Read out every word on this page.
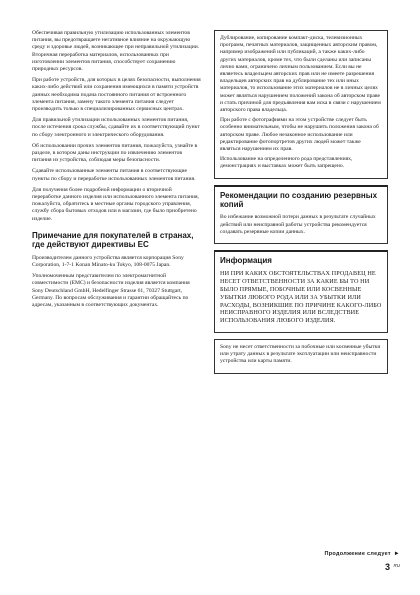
Обеспечивая правильную утилизацию использованных элементов питания, вы предотвращаете негативное влияние на окружающую среду и здоровье людей, возникающее при неправильной утилизации. Вторичная переработка материалов, использованных при изготовлении элементов питания, способствует сохранению природных ресурсов.

При работе устройств, для которых в целях безопасности, выполнения каких-либо действий или сохранения имеющихся в памяти устройств данных необходима подача постоянного питания от встроенного элемента питания, замену такого элемента питания следует производить только в специализированных сервисных центрах.

Для правильной утилизации использованных элементов питания, после истечения срока службы, сдавайте их в соответствующий пункт по сбору электронного и электрического оборудования.

Об использовании прочих элементов питания, пожалуйста, узнайте в разделе, в котором даны инструкции по извлечению элементов питания из устройства, соблюдая меры безопасности.

Сдавайте использованные элементы питания в соответствующие пункты по сбору и переработке использованных элементов питания.

Для получения более подробной информации о вторичной переработке данного изделия или использованного элемента питания, пожалуйста, обратитесь в местные органы городского управления, службу сбора бытовых отходов или в магазин, где было приобретено изделие.

Примечание для покупателей в странах, где действуют директивы ЕС

Производителем данного устройства является корпорация Sony Corporation, 1-7-1 Konan Minato-ku Tokyo, 108-0075 Japan.

Уполномоченным представителем по электромагнитной совместимости (EMC) и безопасности изделия является компания Sony Deutschland GmbH, Hedelfinger Strasse 61, 70327 Stuttgart, Germany. По вопросам обслуживания и гарантии обращайтесь по адресам, указанным в соответствующих документах.

Дублирование, копирование компакт-диска, телевизионных программ, печатных материалов, защищенных авторским правом, например изображений или публикаций, а также каких-либо других материалов, кроме тех, что были сделаны или записаны лично вами, ограничено личным пользованием. Если вы не являетесь владельцем авторских прав или не имеете разрешения владельцев авторских прав на дублирование тех или иных материалов, то использование этих материалов не в личных целях может являться нарушением положений закона об авторском праве и стать причиной для предъявления вам иска в связи с нарушением авторского права владельца.

При работе с фотографиями на этом устройстве следует быть особенно внимательным, чтобы не нарушить положения закона об авторском праве. Любое незаконное использование или редактирование фотопортретов других людей может также являться нарушением их прав.

Использование на определенного рода представлениях, демонстрациях и выставках может быть запрещено.

Рекомендации по созданию резервных копий

Во избежание возможной потери данных в результате случайных действий или неисправной работы устройства рекомендуется создавать резервные копии данных.

Информация

НИ ПРИ КАКИХ ОБСТОЯТЕЛЬСТВАХ ПРОДАВЕЦ НЕ НЕСЕТ ОТВЕТСТВЕННОСТИ ЗА КАКИЕ БЫ ТО НИ БЫЛО ПРЯМЫЕ, ПОБОЧНЫЕ ИЛИ КОСВЕННЫЕ УБЫТКИ ЛЮБОГО РОДА ИЛИ ЗА УБЫТКИ ИЛИ РАСХОДЫ, ВОЗНИКШИЕ ПО ПРИЧИНЕ КАКОГО-ЛИБО НЕИСПРАВНОГО ИЗДЕЛИЯ ИЛИ ВСЛЕДСТВИЕ ИСПОЛЬЗОВАНИЯ ЛЮБОГО ИЗДЕЛИЯ.

Sony не несет ответственности за побочные или косвенные убытки или утрату данных в результате эксплуатации или неисправности устройства или карты памяти.

Продолжение следует ►
3 RU
